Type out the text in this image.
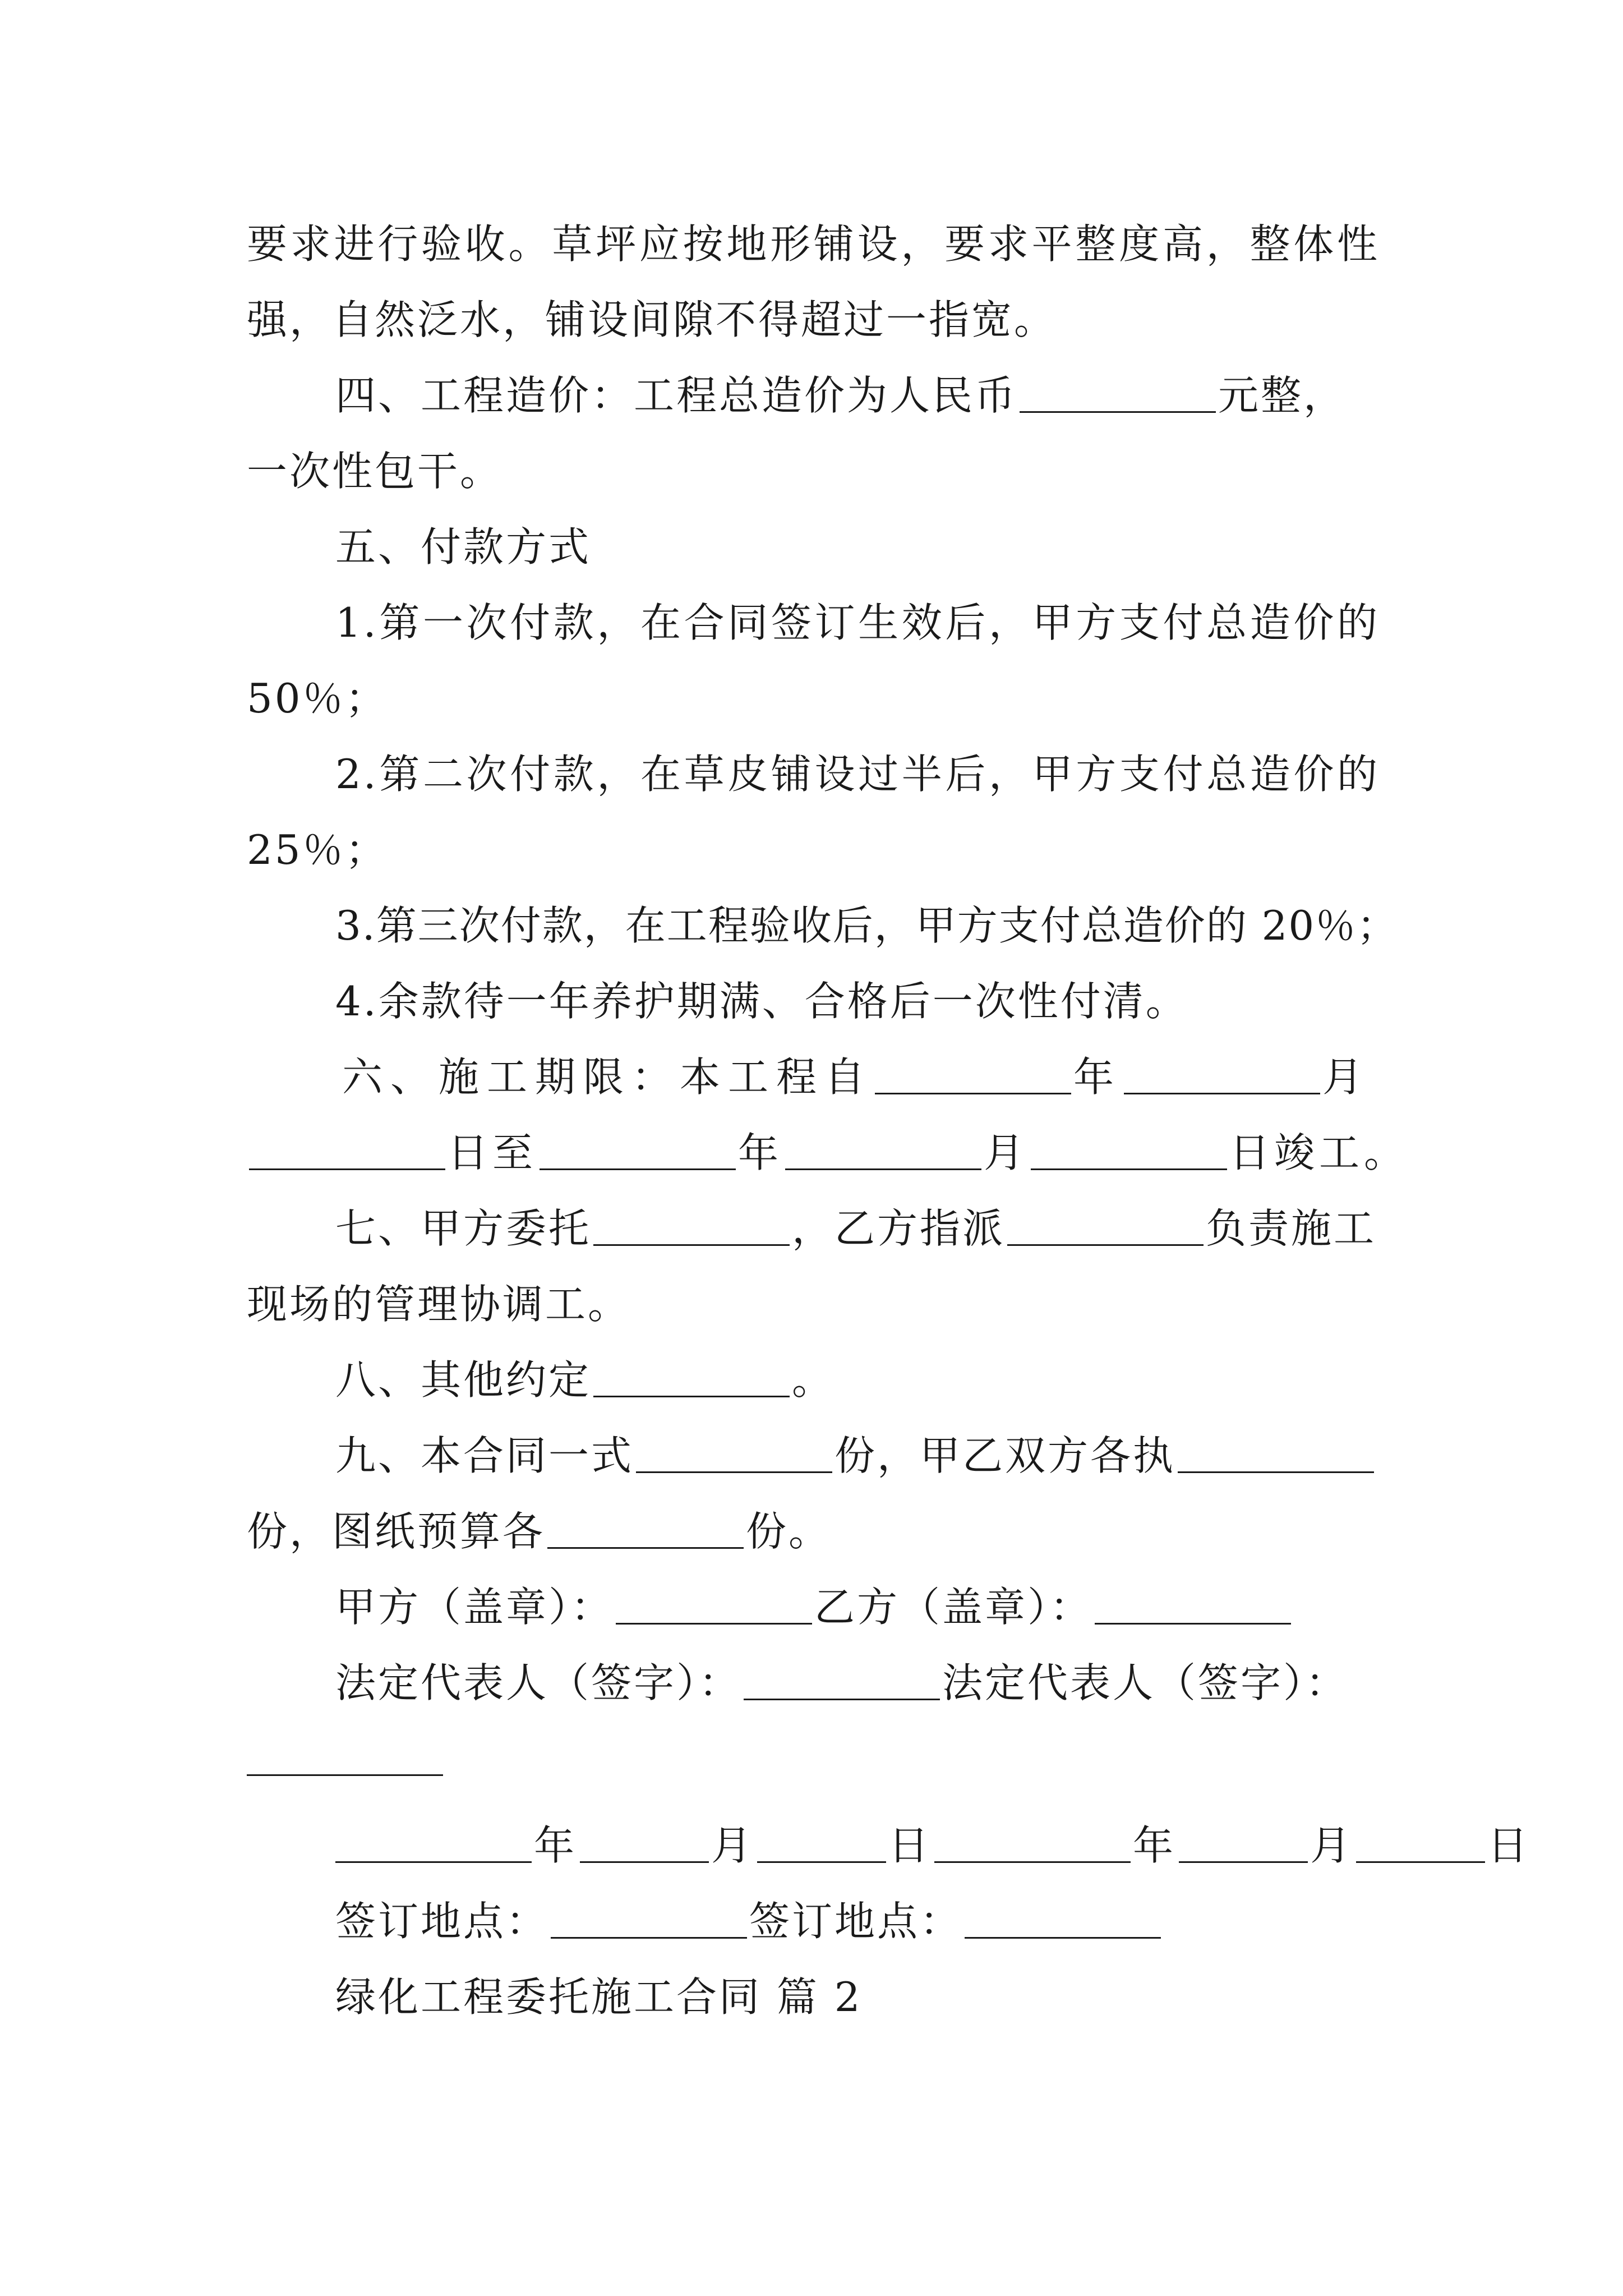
要求进行验收。草坪应按地形铺设，要求平整度高，整体性
强，自然泛水，铺设间隙不得超过一指宽。
四、工程造价：工程总造价为人民币	元整，
一次性包干。
五、付款方式
1.第一次付款，在合同签订生效后，甲方支付总造价的
50％；
2.第二次付款，在草皮铺设过半后，甲方支付总造价的
25％；
3.第三次付款，在工程验收后，甲方支付总造价的 20％；
4.余款待一年养护期满、合格后一次性付清。
六、施工期限：本工程自	年	月
日至	年	月	日竣工。
七、甲方委托	，乙方指派	负责施工
现场的管理协调工。
八、其他约定	。
九、本合同一式	份，甲乙双方各执
份，图纸预算各	份。
甲方（盖章）：	乙方（盖章）：
法定代表人（签字）：	法定代表人（签字）：
年	月	日	年	月	日
签订地点：	签订地点：
绿化工程委托施工合同 篇 2
